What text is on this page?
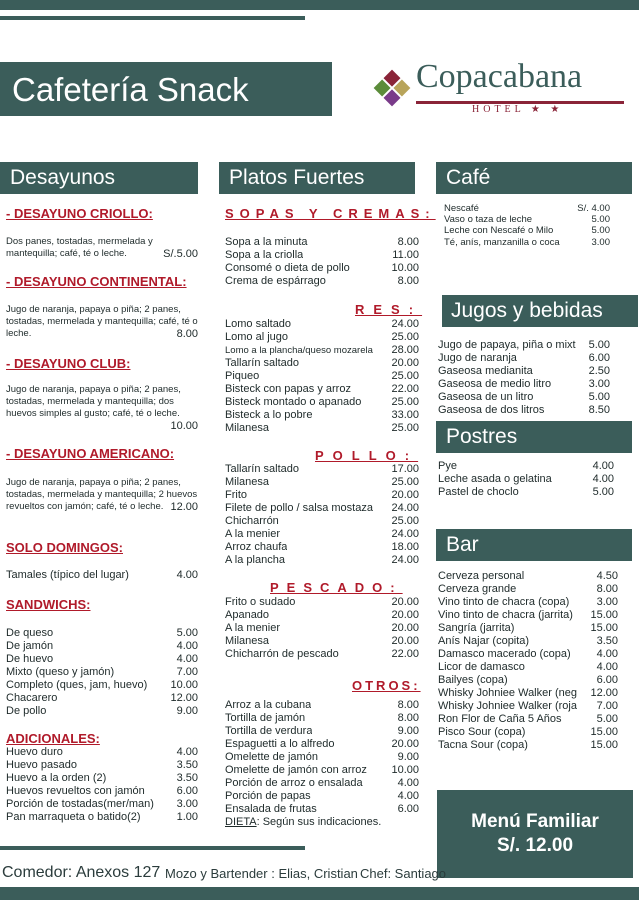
Cafetería Snack	Copacabana
HOTEL ★ ★
Desayunos
- DESAYUNO CRIOLLO:
Dos panes, tostadas, mermelada y mantequilla; café, té o leche.	S/.5.00
- DESAYUNO CONTINENTAL:
Jugo de naranja, papaya o piña; 2 panes, tostadas, mermelada y mantequilla; café, té o leche.	8.00
- DESAYUNO CLUB:
Jugo de naranja, papaya o piña; 2 panes, tostadas, mermelada y mantequilla; dos huevos simples al gusto; café, té o leche.
10.00
- DESAYUNO AMERICANO:
Jugo de naranja, papaya o piña; 2 panes, tostadas, mermelada y mantequilla; 2 huevos revueltos con jamón; café, té o leche. 12.00
SOLO DOMINGOS:
Tamales (típico del lugar)	4.00
SANDWICHS:
De queso	5.00
De jamón	4.00
De huevo	4.00
Mixto (queso y jamón)	7.00
Completo (ques, jam, huevo) 10.00
Chacarero	12.00
De pollo	9.00
ADICIONALES:
Huevo duro	4.00
Huevo pasado	3.50
Huevo a la orden (2)	3.50
Huevos revueltos con jamón	6.00
Porción de tostadas(mer/man) 3.00
Pan marraqueta o batido(2)	1.00
Platos Fuertes
SOPAS Y CREMAS:
Sopa a la minuta	8.00
Sopa a la criolla	11.00
Consomé o dieta de pollo	10.00
Crema de espárrago	8.00
RES:
Lomo saltado	24.00
Lomo al jugo	25.00
Lomo a la plancha/queso mozarela 28.00
Tallarín saltado	20.00
Piqueo	25.00
Bisteck con papas y arroz	22.00
Bisteck montado o apanado	25.00
Bisteck a lo pobre	33.00
Milanesa	25.00
POLLO:
Tallarín saltado	17.00
Milanesa	25.00
Frito	20.00
Filete de pollo / salsa mostaza 24.00
Chicharrón	25.00
A la menier	24.00
Arroz chaufa	18.00
A la plancha	24.00
PESCADO:
Frito o sudado	20.00
Apanado	20.00
A la menier	20.00
Milanesa	20.00
Chicharrón de pescado	22.00
OTROS:
Arroz a la cubana	8.00
Tortilla de jamón	8.00
Tortilla de verdura	9.00
Espaguetti a lo alfredo	20.00
Omelette de jamón	9.00
Omelette de jamón con arroz 10.00
Porción de arroz o ensalada	4.00
Porción de papas	4.00
Ensalada de frutas	6.00
DIETA: Según sus indicaciones.
Café
Nescafé	S/. 4.00
Vaso o taza de leche	5.00
Leche con Nescafé o Milo	5.00
Té, anís, manzanilla o coca	3.00
Jugos y bebidas
Jugo de papaya, piña o mixt 5.00
Jugo de naranja	6.00
Gaseosa medianita	2.50
Gaseosa de medio litro	3.00
Gaseosa de un litro	5.00
Gaseosa de dos litros	8.50
Postres
Pye	4.00
Leche asada o gelatina	4.00
Pastel de choclo	5.00
Bar
Cerveza personal	4.50
Cerveza grande	8.00
Vino tinto de chacra (copa) 3.00
Vino tinto de chacra (jarrita) 15.00
Sangría (jarrita)	15.00
Anís Najar (copita)	3.50
Damasco macerado (copa) 4.00
Licor de damasco	4.00
Bailyes (copa)	6.00
Whisky Johniee Walker (neg 12.00
Whisky Johniee Walker (roja 7.00
Ron Flor de Caña 5 Años	5.00
Pisco Sour (copa)	15.00
Tacna Sour (copa)	15.00
Menú Familiar
S/. 12.00
Comedor: Anexos 127 Mozo y Bartender : Elias, Cristian Chef: Santiago
